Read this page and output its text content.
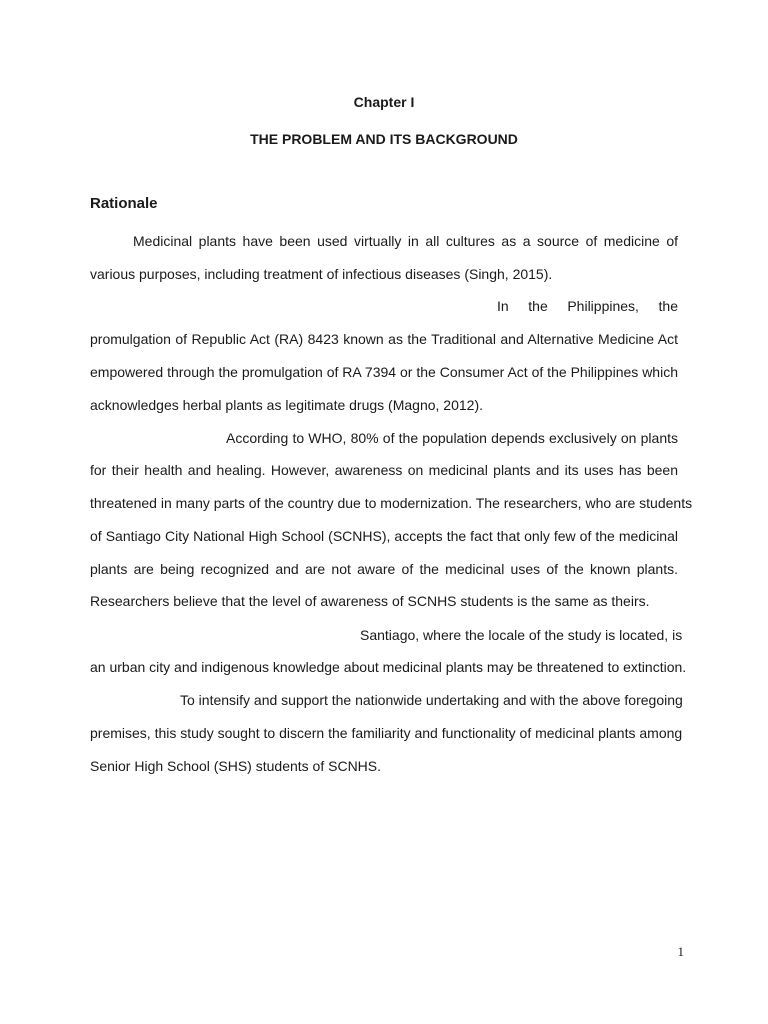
Chapter I
THE PROBLEM AND ITS BACKGROUND
Rationale
Medicinal plants have been used virtually in all cultures as a source of medicine of
various purposes, including treatment of infectious diseases (Singh, 2015).
In the Philippines, the
promulgation of Republic Act (RA) 8423 known as the Traditional and Alternative Medicine Act
empowered through the promulgation of RA 7394 or the Consumer Act of the Philippines which
acknowledges herbal plants as legitimate drugs (Magno, 2012).
According to WHO, 80% of the population depends exclusively on plants
for their health and healing. However, awareness on medicinal plants and its uses has been
threatened in many parts of the country due to modernization. The researchers, who are students
of Santiago City National High School (SCNHS), accepts the fact that only few of the medicinal
plants are being recognized and are not aware of the medicinal uses of the known plants.
Researchers believe that the level of awareness of SCNHS students is the same as theirs.
Santiago, where the locale of the study is located, is
an urban city and indigenous knowledge about medicinal plants may be threatened to extinction.
To intensify and support the nationwide undertaking and with the above foregoing
premises, this study sought to discern the familiarity and functionality of medicinal plants among
Senior High School (SHS) students of SCNHS.
1
